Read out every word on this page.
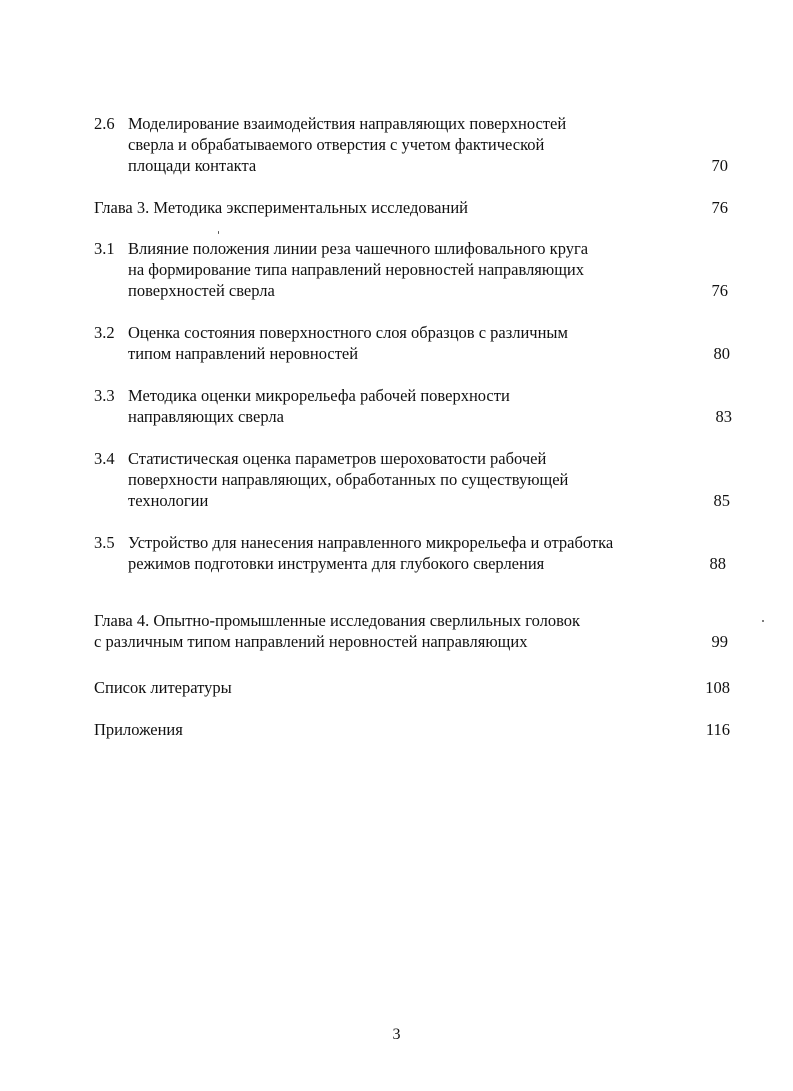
2.6 Моделирование взаимодействия направляющих поверхностей
сверла и обрабатываемого отверстия с учетом фактической
площади контакта	70
Глава 3. Методика экспериментальных исследований	76
3.1 Влияние положения линии реза чашечного шлифовального круга
на формирование типа направлений неровностей направляющих
поверхностей сверла	76
3.2 Оценка состояния поверхностного слоя образцов с различным
типом направлений неровностей	80
3.3 Методика оценки микрорельефа рабочей поверхности
направляющих сверла	83
3.4 Статистическая оценка параметров шероховатости рабочей
поверхности направляющих, обработанных по существующей
технологии	85
3.5 Устройство для нанесения направленного микрорельефа и отработка
режимов подготовки инструмента для глубокого сверления	88
Глава 4. Опытно-промышленные исследования сверлильных головок
с различным типом направлений неровностей направляющих	99
Список литературы	108
Приложения	116
3
